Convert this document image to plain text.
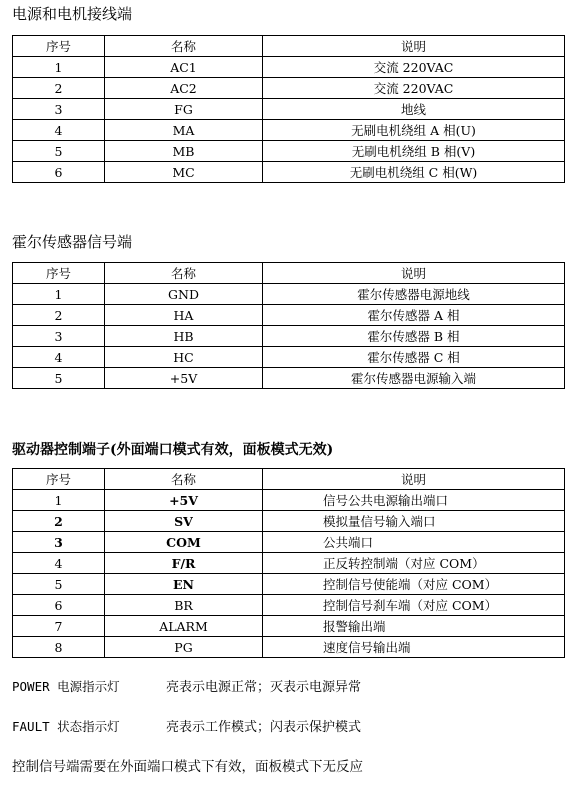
电源和电机接线端
序号	名称	说明
1	AC1	交流 220VAC
2	AC2	交流 220VAC
3	FG	地线
4	MA	无刷电机绕组 A 相(U)
5	MB	无刷电机绕组 B 相(V)
6	MC	无刷电机绕组 C 相(W)
霍尔传感器信号端
序号	名称	说明
1	GND	霍尔传感器电源地线
2	HA	霍尔传感器 A 相
3	HB	霍尔传感器 B 相
4	HC	霍尔传感器 C 相
5	+5V	霍尔传感器电源输入端
驱动器控制端子(外面端口模式有效，面板模式无效)
序号	名称	说明
1	+5V	信号公共电源输出端口
2	SV	模拟量信号输入端口
3	COM	公共端口
4	F/R	正反转控制端（对应 COM）
5	EN	控制信号使能端（对应 COM）
6	BR	控制信号刹车端（对应 COM）
7	ALARM	报警输出端
8	PG	速度信号输出端
POWER 电源指示灯	亮表示电源正常；灭表示电源异常
FAULT 状态指示灯	亮表示工作模式；闪表示保护模式
控制信号端需要在外面端口模式下有效，面板模式下无反应
